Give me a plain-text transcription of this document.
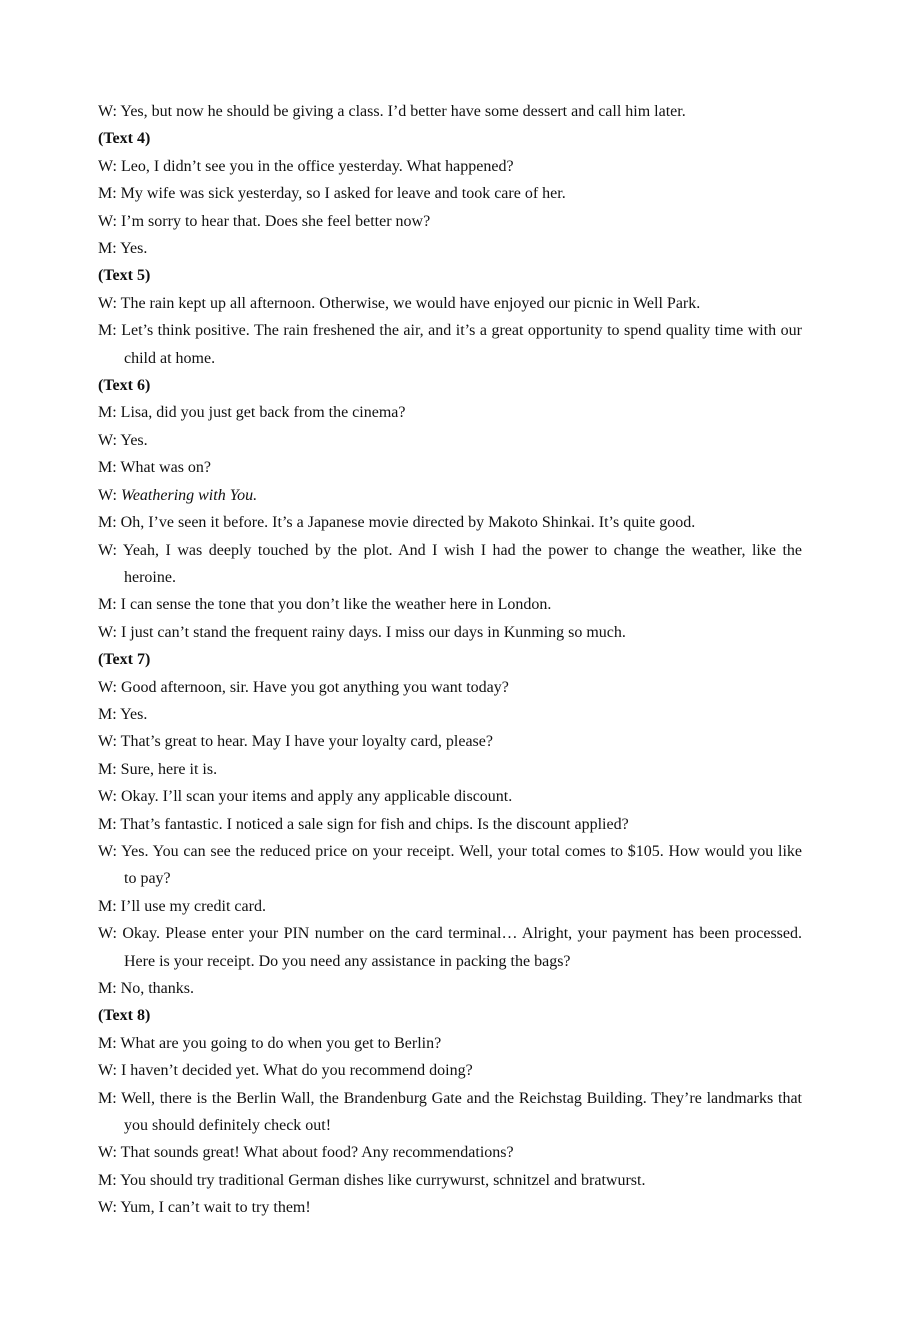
W: Yes, but now he should be giving a class. I’d better have some dessert and call him later.
(Text 4)
W: Leo, I didn’t see you in the office yesterday. What happened?
M: My wife was sick yesterday, so I asked for leave and took care of her.
W: I’m sorry to hear that. Does she feel better now?
M: Yes.
(Text 5)
W: The rain kept up all afternoon. Otherwise, we would have enjoyed our picnic in Well Park.
M: Let’s think positive. The rain freshened the air, and it’s a great opportunity to spend quality time with our child at home.
(Text 6)
M: Lisa, did you just get back from the cinema?
W: Yes.
M: What was on?
W: Weathering with You.
M: Oh, I’ve seen it before. It’s a Japanese movie directed by Makoto Shinkai. It’s quite good.
W: Yeah, I was deeply touched by the plot. And I wish I had the power to change the weather, like the heroine.
M: I can sense the tone that you don’t like the weather here in London.
W: I just can’t stand the frequent rainy days. I miss our days in Kunming so much.
(Text 7)
W: Good afternoon, sir. Have you got anything you want today?
M: Yes.
W: That’s great to hear. May I have your loyalty card, please?
M: Sure, here it is.
W: Okay. I’ll scan your items and apply any applicable discount.
M: That’s fantastic. I noticed a sale sign for fish and chips. Is the discount applied?
W: Yes. You can see the reduced price on your receipt. Well, your total comes to $105. How would you like to pay?
M: I’ll use my credit card.
W: Okay. Please enter your PIN number on the card terminal… Alright, your payment has been processed. Here is your receipt. Do you need any assistance in packing the bags?
M: No, thanks.
(Text 8)
M: What are you going to do when you get to Berlin?
W: I haven’t decided yet. What do you recommend doing?
M: Well, there is the Berlin Wall, the Brandenburg Gate and the Reichstag Building. They’re landmarks that you should definitely check out!
W: That sounds great! What about food? Any recommendations?
M: You should try traditional German dishes like currywurst, schnitzel and bratwurst.
W: Yum, I can’t wait to try them!
